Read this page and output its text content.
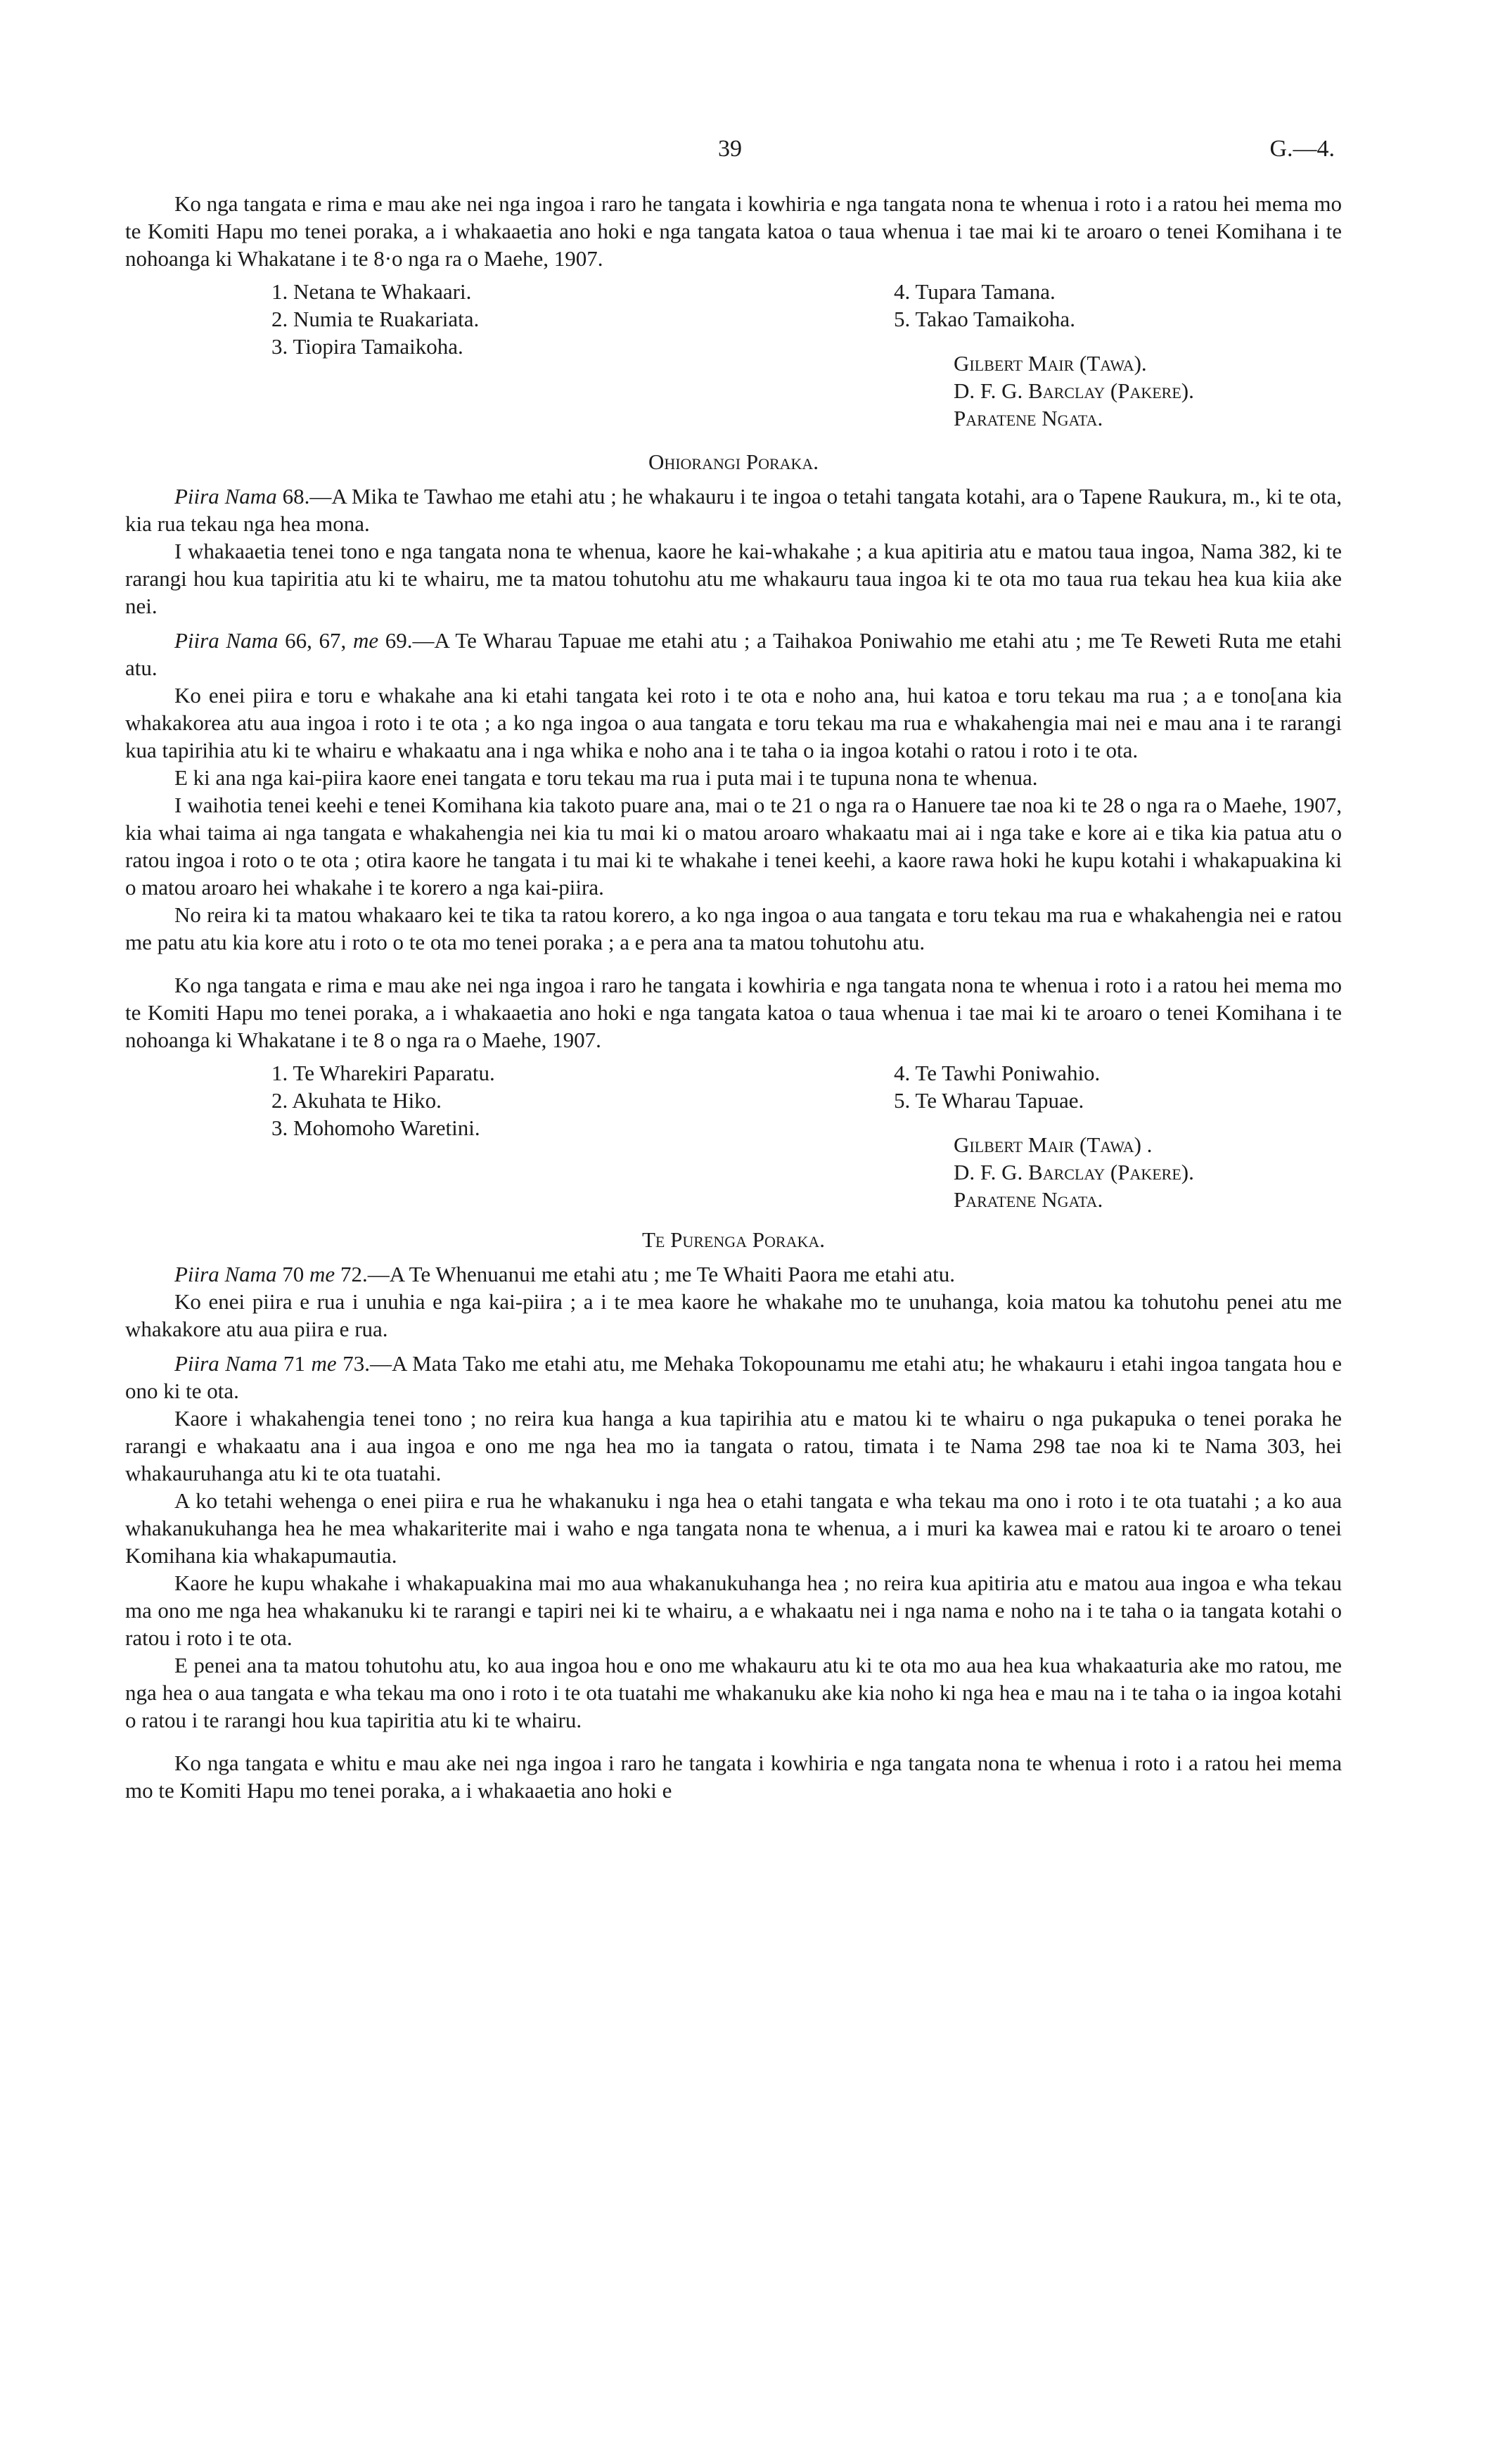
39	G.—4.

Ko nga tangata e rima e mau ake nei nga ingoa i raro he tangata i kowhiria e nga tangata nona te whenua i roto i a ratou hei mema mo te Komiti Hapu mo tenei poraka, a i whakaaetia ano hoki e nga tangata katoa o taua whenua i tae mai ki te aroaro o tenei Komihana i te nohoanga ki Whakatane i te 8·o nga ra o Maehe, 1907.

1. Netana te Whakaari.
2. Numia te Ruakariata.
3. Tiopira Tamaikoha.
4. Tupara Tamana.
5. Takao Tamaikoha.
Gilbert Mair (Tawa).
D. F. G. Barclay (Pakere).
Paratene Ngata.

Ohiorangi Poraka.

Piira Nama 68.—A Mika te Tawhao me etahi atu ; he whakauru i te ingoa o tetahi tangata kotahi, ara o Tapene Raukura, m., ki te ota, kia rua tekau nga hea mona.

I whakaaetia tenei tono e nga tangata nona te whenua, kaore he kai-whakahe ; a kua apitiria atu e matou taua ingoa, Nama 382, ki te rarangi hou kua tapiritia atu ki te whairu, me ta matou tohutohu atu me whakauru taua ingoa ki te ota mo taua rua tekau hea kua kiia ake nei.

Piira Nama 66, 67, me 69.—A Te Wharau Tapuae me etahi atu ; a Taihakoa Poniwahio me etahi atu ; me Te Reweti Ruta me etahi atu.

Ko enei piira e toru e whakahe ana ki etahi tangata kei roto i te ota e noho ana, hui katoa e toru tekau ma rua ; a e tono[ana kia whakakorea atu aua ingoa i roto i te ota ; a ko nga ingoa o aua tangata e toru tekau ma rua e whakahengia mai nei e mau ana i te rarangi kua tapirihia atu ki te whairu e whakaatu ana i nga whika e noho ana i te taha o ia ingoa kotahi o ratou i roto i te ota.

E ki ana nga kai-piira kaore enei tangata e toru tekau ma rua i puta mai i te tupuna nona te whenua.

I waihotia tenei keehi e tenei Komihana kia takoto puare ana, mai o te 21 o nga ra o Hanuere tae noa ki te 28 o nga ra o Maehe, 1907, kia whai taima ai nga tangata e whakahengia nei kia tu mɑi ki o matou aroaro whakaatu mai ai i nga take e kore ai e tika kia patua atu o ratou ingoa i roto o te ota ; otira kaore he tangata i tu mai ki te whakahe i tenei keehi, a kaore rawa hoki he kupu kotahi i whakapuakina ki o matou aroaro hei whakahe i te korero a nga kai-piira.

No reira ki ta matou whakaaro kei te tika ta ratou korero, a ko nga ingoa o aua tangata e toru tekau ma rua e whakahengia nei e ratou me patu atu kia kore atu i roto o te ota mo tenei poraka ; a e pera ana ta matou tohutohu atu.

Ko nga tangata e rima e mau ake nei nga ingoa i raro he tangata i kowhiria e nga tangata nona te whenua i roto i a ratou hei mema mo te Komiti Hapu mo tenei poraka, a i whakaaetia ano hoki e nga tangata katoa o taua whenua i tae mai ki te aroaro o tenei Komihana i te nohoanga ki Whakatane i te 8 o nga ra o Maehe, 1907.

1. Te Wharekiri Paparatu.
2. Akuhata te Hiko.
3. Mohomoho Waretini.
4. Te Tawhi Poniwahio.
5. Te Wharau Tapuae.
Gilbert Mair (Tawa) .
D. F. G. Barclay (Pakere).
Paratene Ngata.

Te Purenga Poraka.

Piira Nama 70 me 72.—A Te Whenuanui me etahi atu ; me Te Whaiti Paora me etahi atu.

Ko enei piira e rua i unuhia e nga kai-piira ; a i te mea kaore he whakahe mo te unuhanga, koia matou ka tohutohu penei atu me whakakore atu aua piira e rua.

Piira Nama 71 me 73.—A Mata Tako me etahi atu, me Mehaka Tokopounamu me etahi atu; he whakauru i etahi ingoa tangata hou e ono ki te ota.

Kaore i whakahengia tenei tono ; no reira kua hanga a kua tapirihia atu e matou ki te whairu o nga pukapuka o tenei poraka he rarangi e whakaatu ana i aua ingoa e ono me nga hea mo ia tangata o ratou, timata i te Nama 298 tae noa ki te Nama 303, hei whakauruhanga atu ki te ota tuatahi.

A ko tetahi wehenga o enei piira e rua he whakanuku i nga hea o etahi tangata e wha tekau ma ono i roto i te ota tuatahi ; a ko aua whakanukuhanga hea he mea whakariterite mai i waho e nga tangata nona te whenua, a i muri ka kawea mai e ratou ki te aroaro o tenei Komihana kia whakapumautia.

Kaore he kupu whakahe i whakapuakina mai mo aua whakanukuhanga hea ; no reira kua apitiria atu e matou aua ingoa e wha tekau ma ono me nga hea whakanuku ki te rarangi e tapiri nei ki te whairu, a e whakaatu nei i nga nama e noho na i te taha o ia tangata kotahi o ratou i roto i te ota.

E penei ana ta matou tohutohu atu, ko aua ingoa hou e ono me whakauru atu ki te ota mo aua hea kua whakaaturia ake mo ratou, me nga hea o aua tangata e wha tekau ma ono i roto i te ota tuatahi me whakanuku ake kia noho ki nga hea e mau na i te taha o ia ingoa kotahi o ratou i te rarangi hou kua tapiritia atu ki te whairu.

Ko nga tangata e whitu e mau ake nei nga ingoa i raro he tangata i kowhiria e nga tangata nona te whenua i roto i a ratou hei mema mo te Komiti Hapu mo tenei poraka, a i whakaaetia ano hoki e
